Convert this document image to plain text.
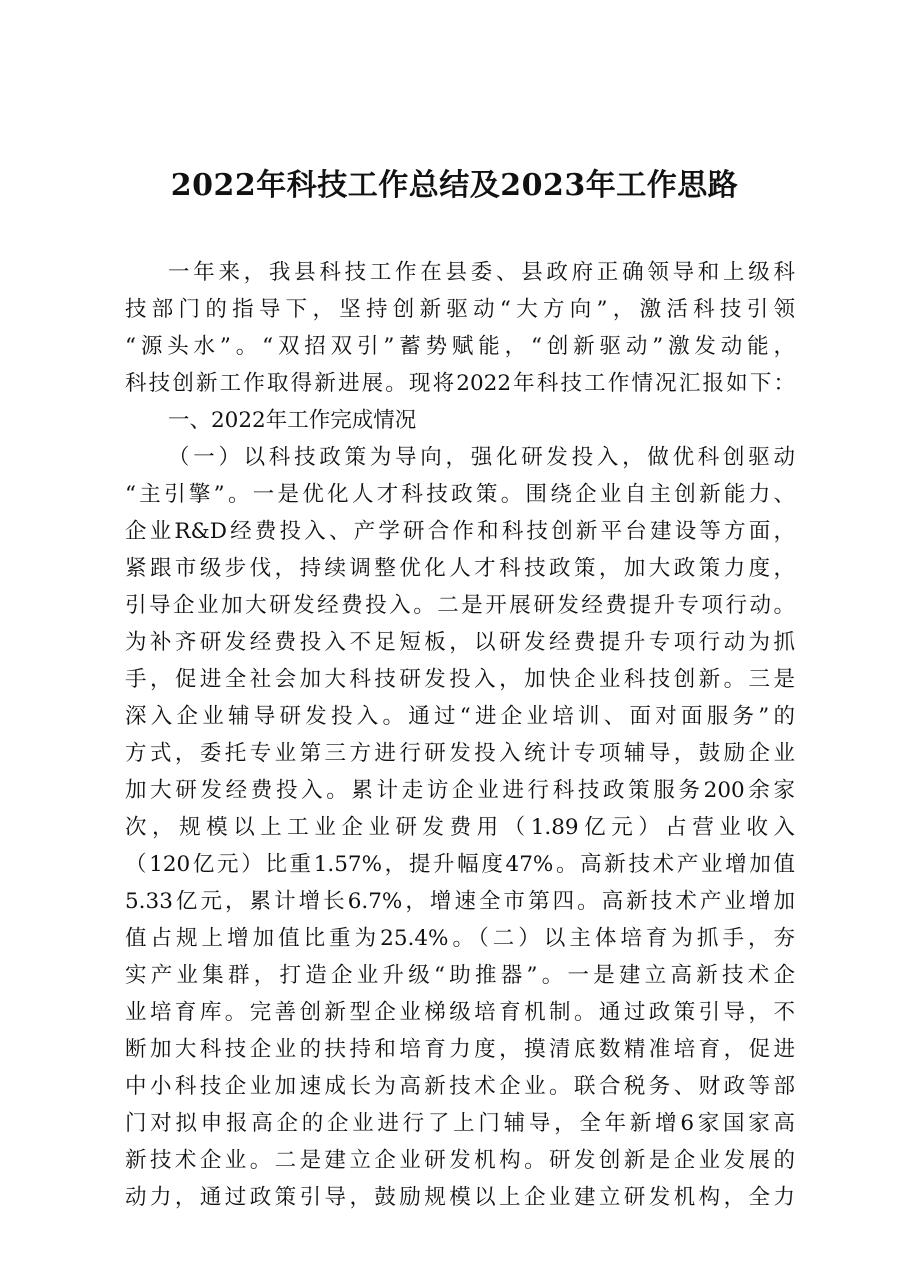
2022年科技工作总结及2023年工作思路
一年来，我县科技工作在县委、县政府正确领导和上级科
技部门的指导下，坚持创新驱动“大方向”，激活科技引领
“源头水”。“双招双引”蓄势赋能，“创新驱动”激发动能，
科技创新工作取得新进展。现将2022年科技工作情况汇报如下：
一、2022年工作完成情况
（一）以科技政策为导向，强化研发投入，做优科创驱动
“主引擎”。一是优化人才科技政策。围绕企业自主创新能力、
企业R&D经费投入、产学研合作和科技创新平台建设等方面，
紧跟市级步伐，持续调整优化人才科技政策，加大政策力度，
引导企业加大研发经费投入。二是开展研发经费提升专项行动。
为补齐研发经费投入不足短板，以研发经费提升专项行动为抓
手，促进全社会加大科技研发投入，加快企业科技创新。三是
深入企业辅导研发投入。通过“进企业培训、面对面服务”的
方式，委托专业第三方进行研发投入统计专项辅导，鼓励企业
加大研发经费投入。累计走访企业进行科技政策服务200余家
次，规模以上工业企业研发费用（1.89亿元）占营业收入
（120亿元）比重1.57%，提升幅度47%。高新技术产业增加值
5.33亿元，累计增长6.7%，增速全市第四。高新技术产业增加
值占规上增加值比重为25.4%。（二）以主体培育为抓手，夯
实产业集群，打造企业升级“助推器”。一是建立高新技术企
业培育库。完善创新型企业梯级培育机制。通过政策引导，不
断加大科技企业的扶持和培育力度，摸清底数精准培育，促进
中小科技企业加速成长为高新技术企业。联合税务、财政等部
门对拟申报高企的企业进行了上门辅导，全年新增6家国家高
新技术企业。二是建立企业研发机构。研发创新是企业发展的
动力，通过政策引导，鼓励规模以上企业建立研发机构，全力
